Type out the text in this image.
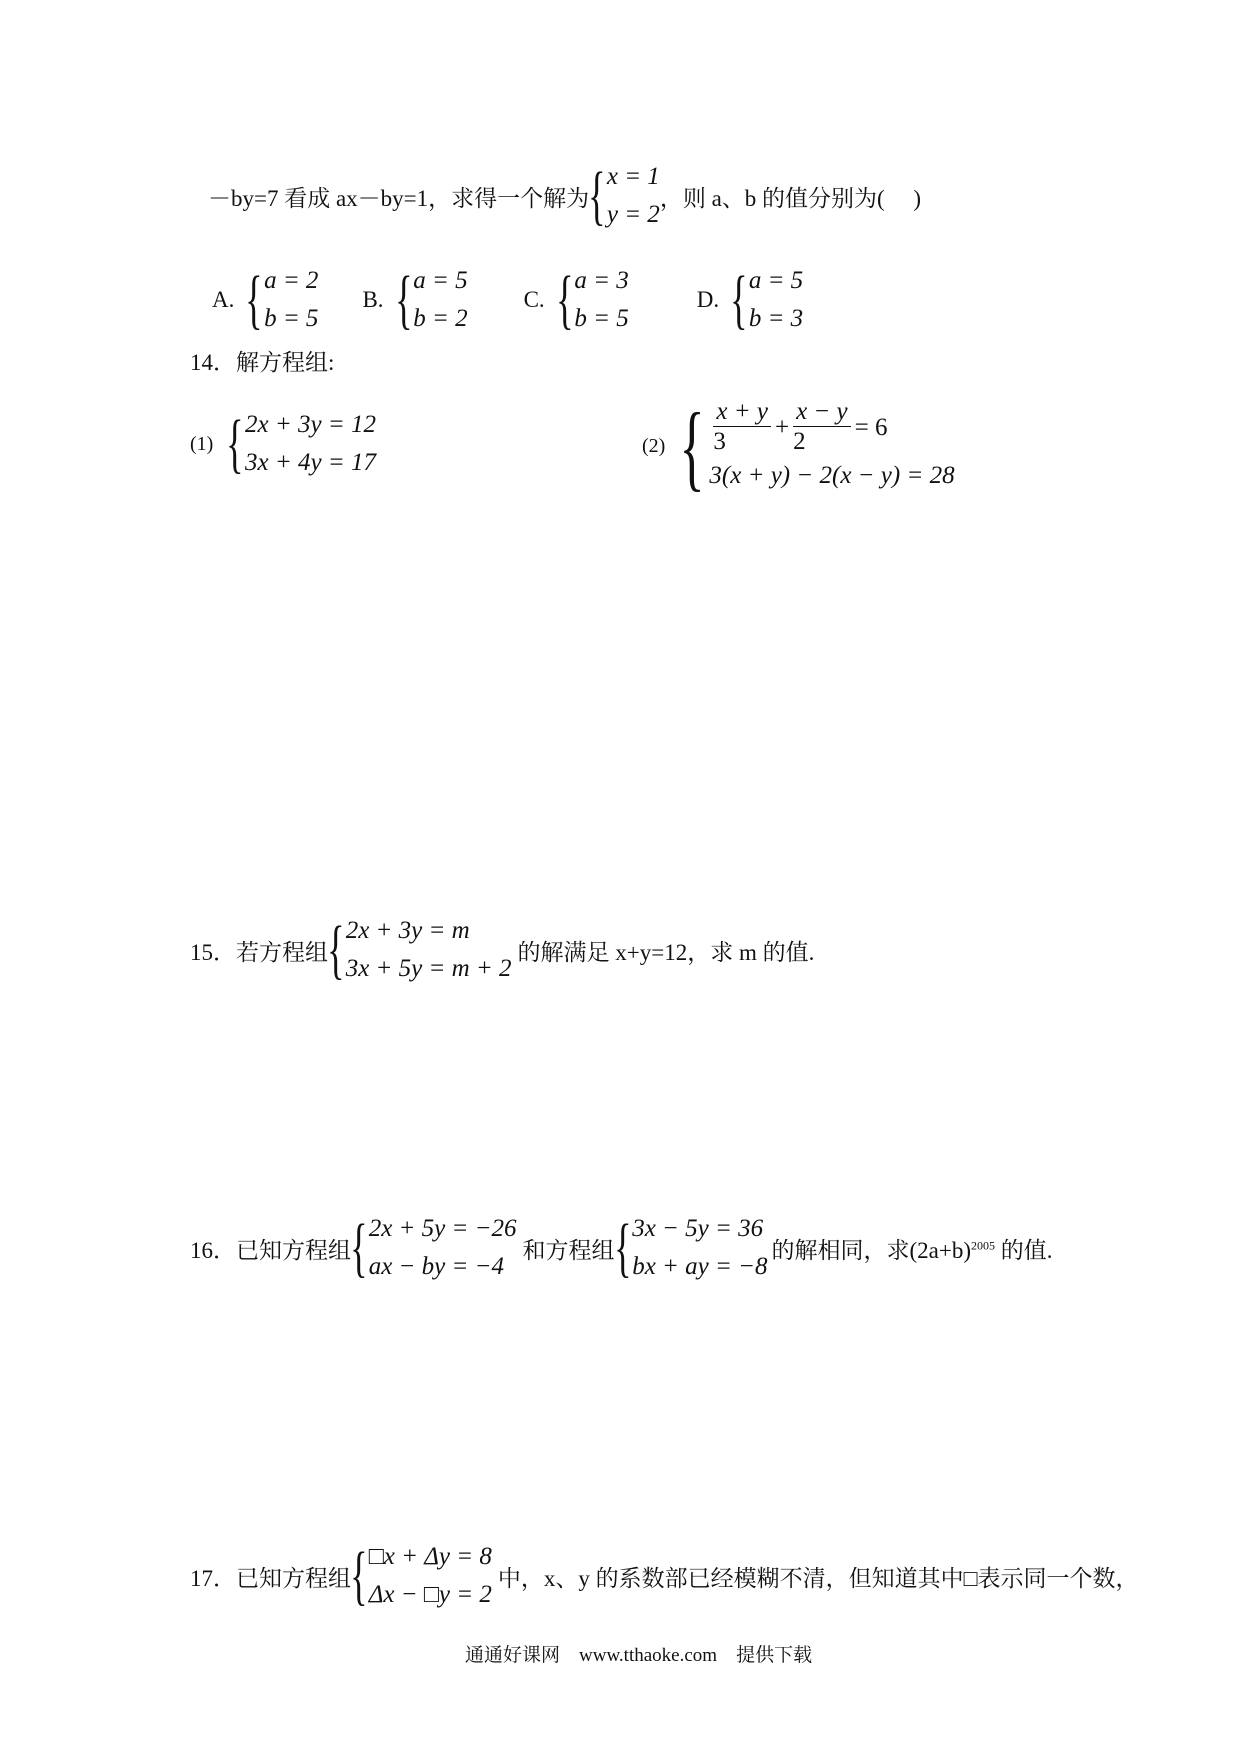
－by=7 看成 ax－by=1，求得一个解为 { x = 1
y = 2
，则 a、b 的值分别为(　 )
A. { a = 2
b = 5
B. { a = 5
b = 2
C. { a = 3
b = 5
D. { a = 5
b = 3
14．解方程组:
(1) { 2x + 3y = 12
3x + 4y = 17
(2) { $\frac{x + y}{3} + \frac{x - y}{2} = 6$
3(x + y) − 2(x − y) = 28
15．若方程组 { 2x + 3y = m
3x + 5y = m + 2
的解满足 x+y=12，求 m 的值.
16．已知方程组 { 2x + 5y = −26
ax − by = −4
和方程组 { 3x − 5y = 36
bx + ay = −8
的解相同，求$(2a+b)^{2005}$ 的值.
17．已知方程组 { □x + Δy = 8
Δx − □y = 2
中，x、y 的系数部已经模糊不清，但知道其中□表示同一个数，
通通好课网　www.tthaoke.com　提供下载
